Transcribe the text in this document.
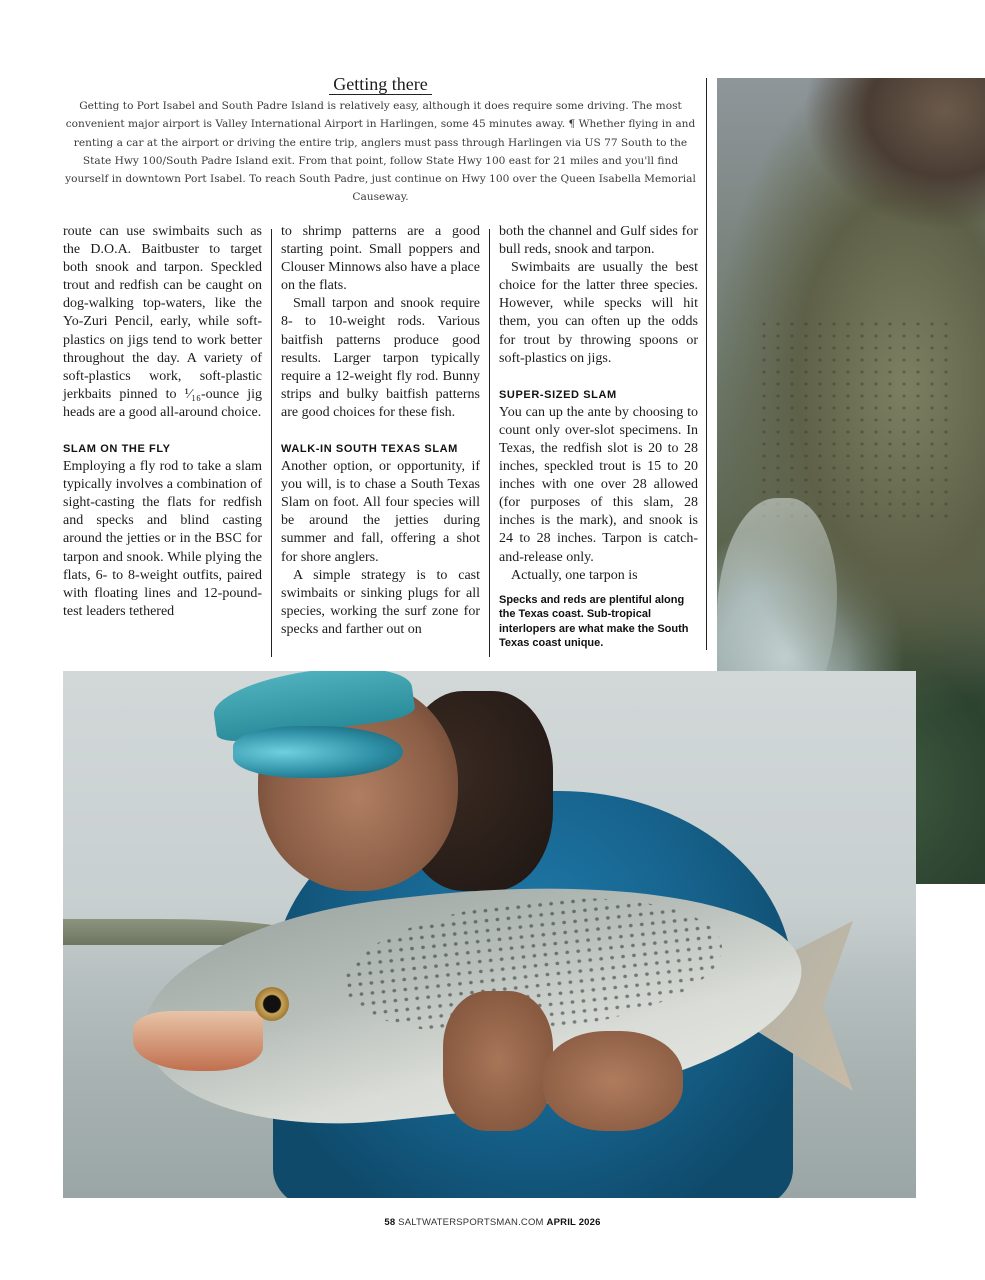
Getting there
Getting to Port Isabel and South Padre Island is relatively easy, although it does require some driving. The most convenient major airport is Valley International Airport in Harlingen, some 45 minutes away. ¶ Whether flying in and renting a car at the airport or driving the entire trip, anglers must pass through Harlingen via US 77 South to the State Hwy 100/South Padre Island exit. From that point, follow State Hwy 100 east for 21 miles and you'll find yourself in downtown Port Isabel. To reach South Padre, just continue on Hwy 100 over the Queen Isabella Memorial Causeway.

route can use swimbaits such as the D.O.A. Baitbuster to target both snook and tarpon. Speckled trout and redfish can be caught on dog-walking top-waters, like the Yo-Zuri Pencil, early, while soft-plastics on jigs tend to work better throughout the day. A variety of soft-plastics work, soft-plastic jerkbaits pinned to ¹⁄₁₆-ounce jig heads are a good all-around choice.

SLAM ON THE FLY

Employing a fly rod to take a slam typically involves a combination of sight-casting the flats for redfish and specks and blind casting around the jetties or in the BSC for tarpon and snook. While plying the flats, 6- to 8-weight outfits, paired with floating lines and 12-pound-test leaders tethered

to shrimp patterns are a good starting point. Small poppers and Clouser Minnows also have a place on the flats.

Small tarpon and snook require 8- to 10-weight rods. Various baitfish patterns produce good results. Larger tarpon typically require a 12-weight fly rod. Bunny strips and bulky baitfish patterns are good choices for these fish.

WALK-IN SOUTH TEXAS SLAM

Another option, or opportunity, if you will, is to chase a South Texas Slam on foot. All four species will be around the jetties during summer and fall, offering a shot for shore anglers.

A simple strategy is to cast swimbaits or sinking plugs for all species, working the surf zone for specks and farther out on

both the channel and Gulf sides for bull reds, snook and tarpon.

Swimbaits are usually the best choice for the latter three species. However, while specks will hit them, you can often up the odds for trout by throwing spoons or soft-plastics on jigs.

SUPER-SIZED SLAM

You can up the ante by choosing to count only over-slot specimens. In Texas, the redfish slot is 20 to 28 inches, speckled trout is 15 to 20 inches with one over 28 allowed (for purposes of this slam, 28 inches is the mark), and snook is 24 to 28 inches. Tarpon is catch-and-release only.

Actually, one tarpon is

Specks and reds are plentiful along the Texas coast. Sub-tropical interlopers are what make the South Texas coast unique.

58 SALTWATERSPORTSMAN.COM APRIL 2026
